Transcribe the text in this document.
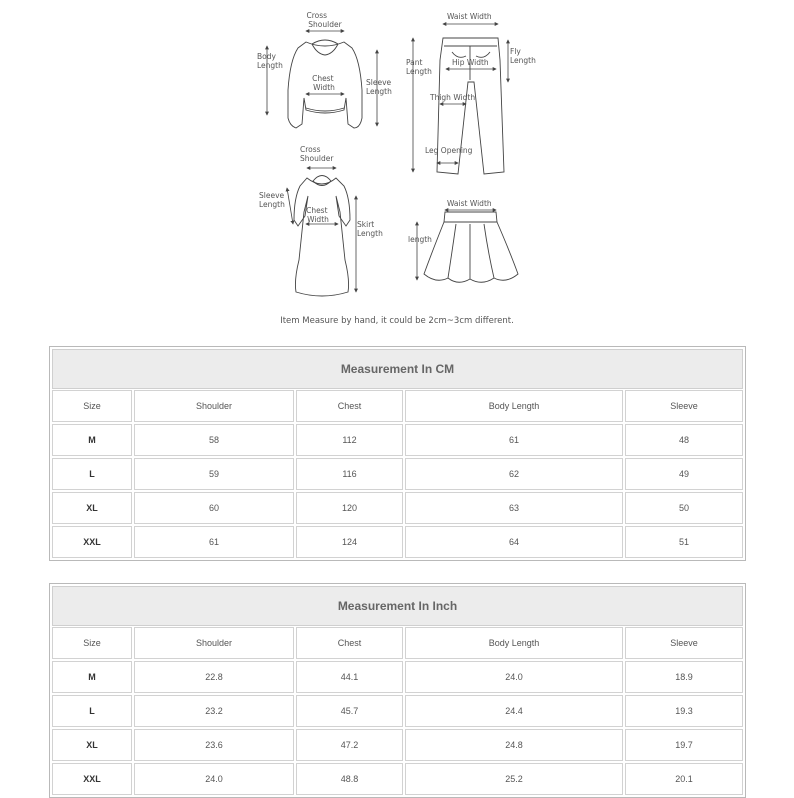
Cross Shoulder
Body Length
Chest Width
Sleeve Length
Waist Width
Fly Length
Pant Length
Hip Width
Thigh Width
Leg Opening
Cross Shoulder
Sleeve Length
Chest Width
Skirt Length
Waist Width
length
Item Measure by hand, it could be 2cm~3cm different.
Measurement In CM
Size	Shoulder	Chest	Body Length	Sleeve
M	58	112	61	48
L	59	116	62	49
XL	60	120	63	50
XXL	61	124	64	51
Measurement In Inch
Size	Shoulder	Chest	Body Length	Sleeve
M	22.8	44.1	24.0	18.9
L	23.2	45.7	24.4	19.3
XL	23.6	47.2	24.8	19.7
XXL	24.0	48.8	25.2	20.1
